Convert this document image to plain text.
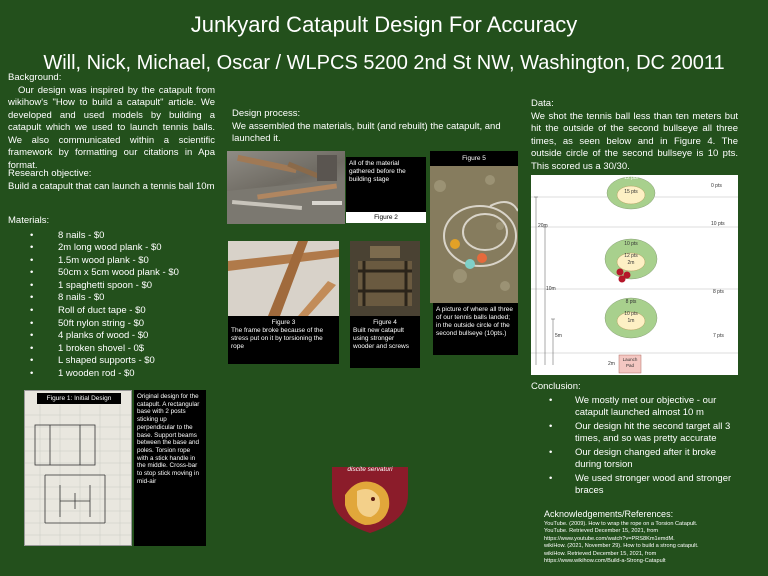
Junkyard Catapult Design For Accuracy
Will, Nick, Michael, Oscar / WLPCS 5200 2nd St NW, Washington, DC 20011
Background:
Our design was inspired by the catapult from wikihow's "How to build a catapult" article. We developed and used models by building a catapult which we used to launch tennis balls. We also communicated within a scientific framework by formatting our citations in Apa format.
Research objective:
Build a catapult that can launch a tennis ball 10m
Materials:
• 8 nails - $0
• 2m long wood plank - $0
• 1.5m wood plank - $0
• 50cm x 5cm wood plank - $0
• 1 spaghetti spoon - $0
• 8 nails - $0
• Roll of duct tape - $0
• 50ft nylon string - $0
• 4 planks of wood - $0
• 1 broken shovel - 0$
• L shaped supports - $0
• 1 wooden rod - $0
Figure 1: Initial Design	Original design for the catapult. A rectangular base with 2 posts sticking up perpendicular to the base. Support beams between the base and poles. Torsion rope with a stick handle in the middle. Cross-bar to stop stick moving in mid-air
Design process:
We assembled the materials, built (and rebuilt) the catapult, and launched it.
All of the material gathered before the building stage
Figure 2
Figure 5
A picture of where all three of our tennis balls landed; in the outside circle of the second bullseye (10pts.)
Figure 3
The frame broke because of the stress put on it by torsioning the rope
Figure 4
Built new catapult using stronger wooder and screws
discite servaturi
Data:
We shot the tennis ball less than ten meters but hit the outside of the second bullseye all three times, as seen below and in Figure 4. The outside circle of the second bullseye is 10 pts. This scored us a 30/30.
12 pts
15 pts
0 pts
10 pts
12 pts
2m
10 pts
8 pts
10 pts
1m
8 pts
7 pts
20m
10m
5m
2m
Launch Pad
Conclusion:
• We mostly met our objective - our catapult launched almost 10 m
• Our design hit the second target all 3 times, and so was pretty accurate
• Our design changed after it broke during torsion
• We used stronger wood and stronger braces
Acknowledgements/References:
YouTube. (2009). How to wrap the rope on a Torsion Catapult.
YouTube. Retrieved December 15, 2021, from
https://www.youtube.com/watch?v=PRS8Km1emdM.
wikiHow. (2021, November 29). How to build a strong catapult.
wikiHow. Retrieved December 15, 2021, from
https://www.wikihow.com/Build-a-Strong-Catapult
